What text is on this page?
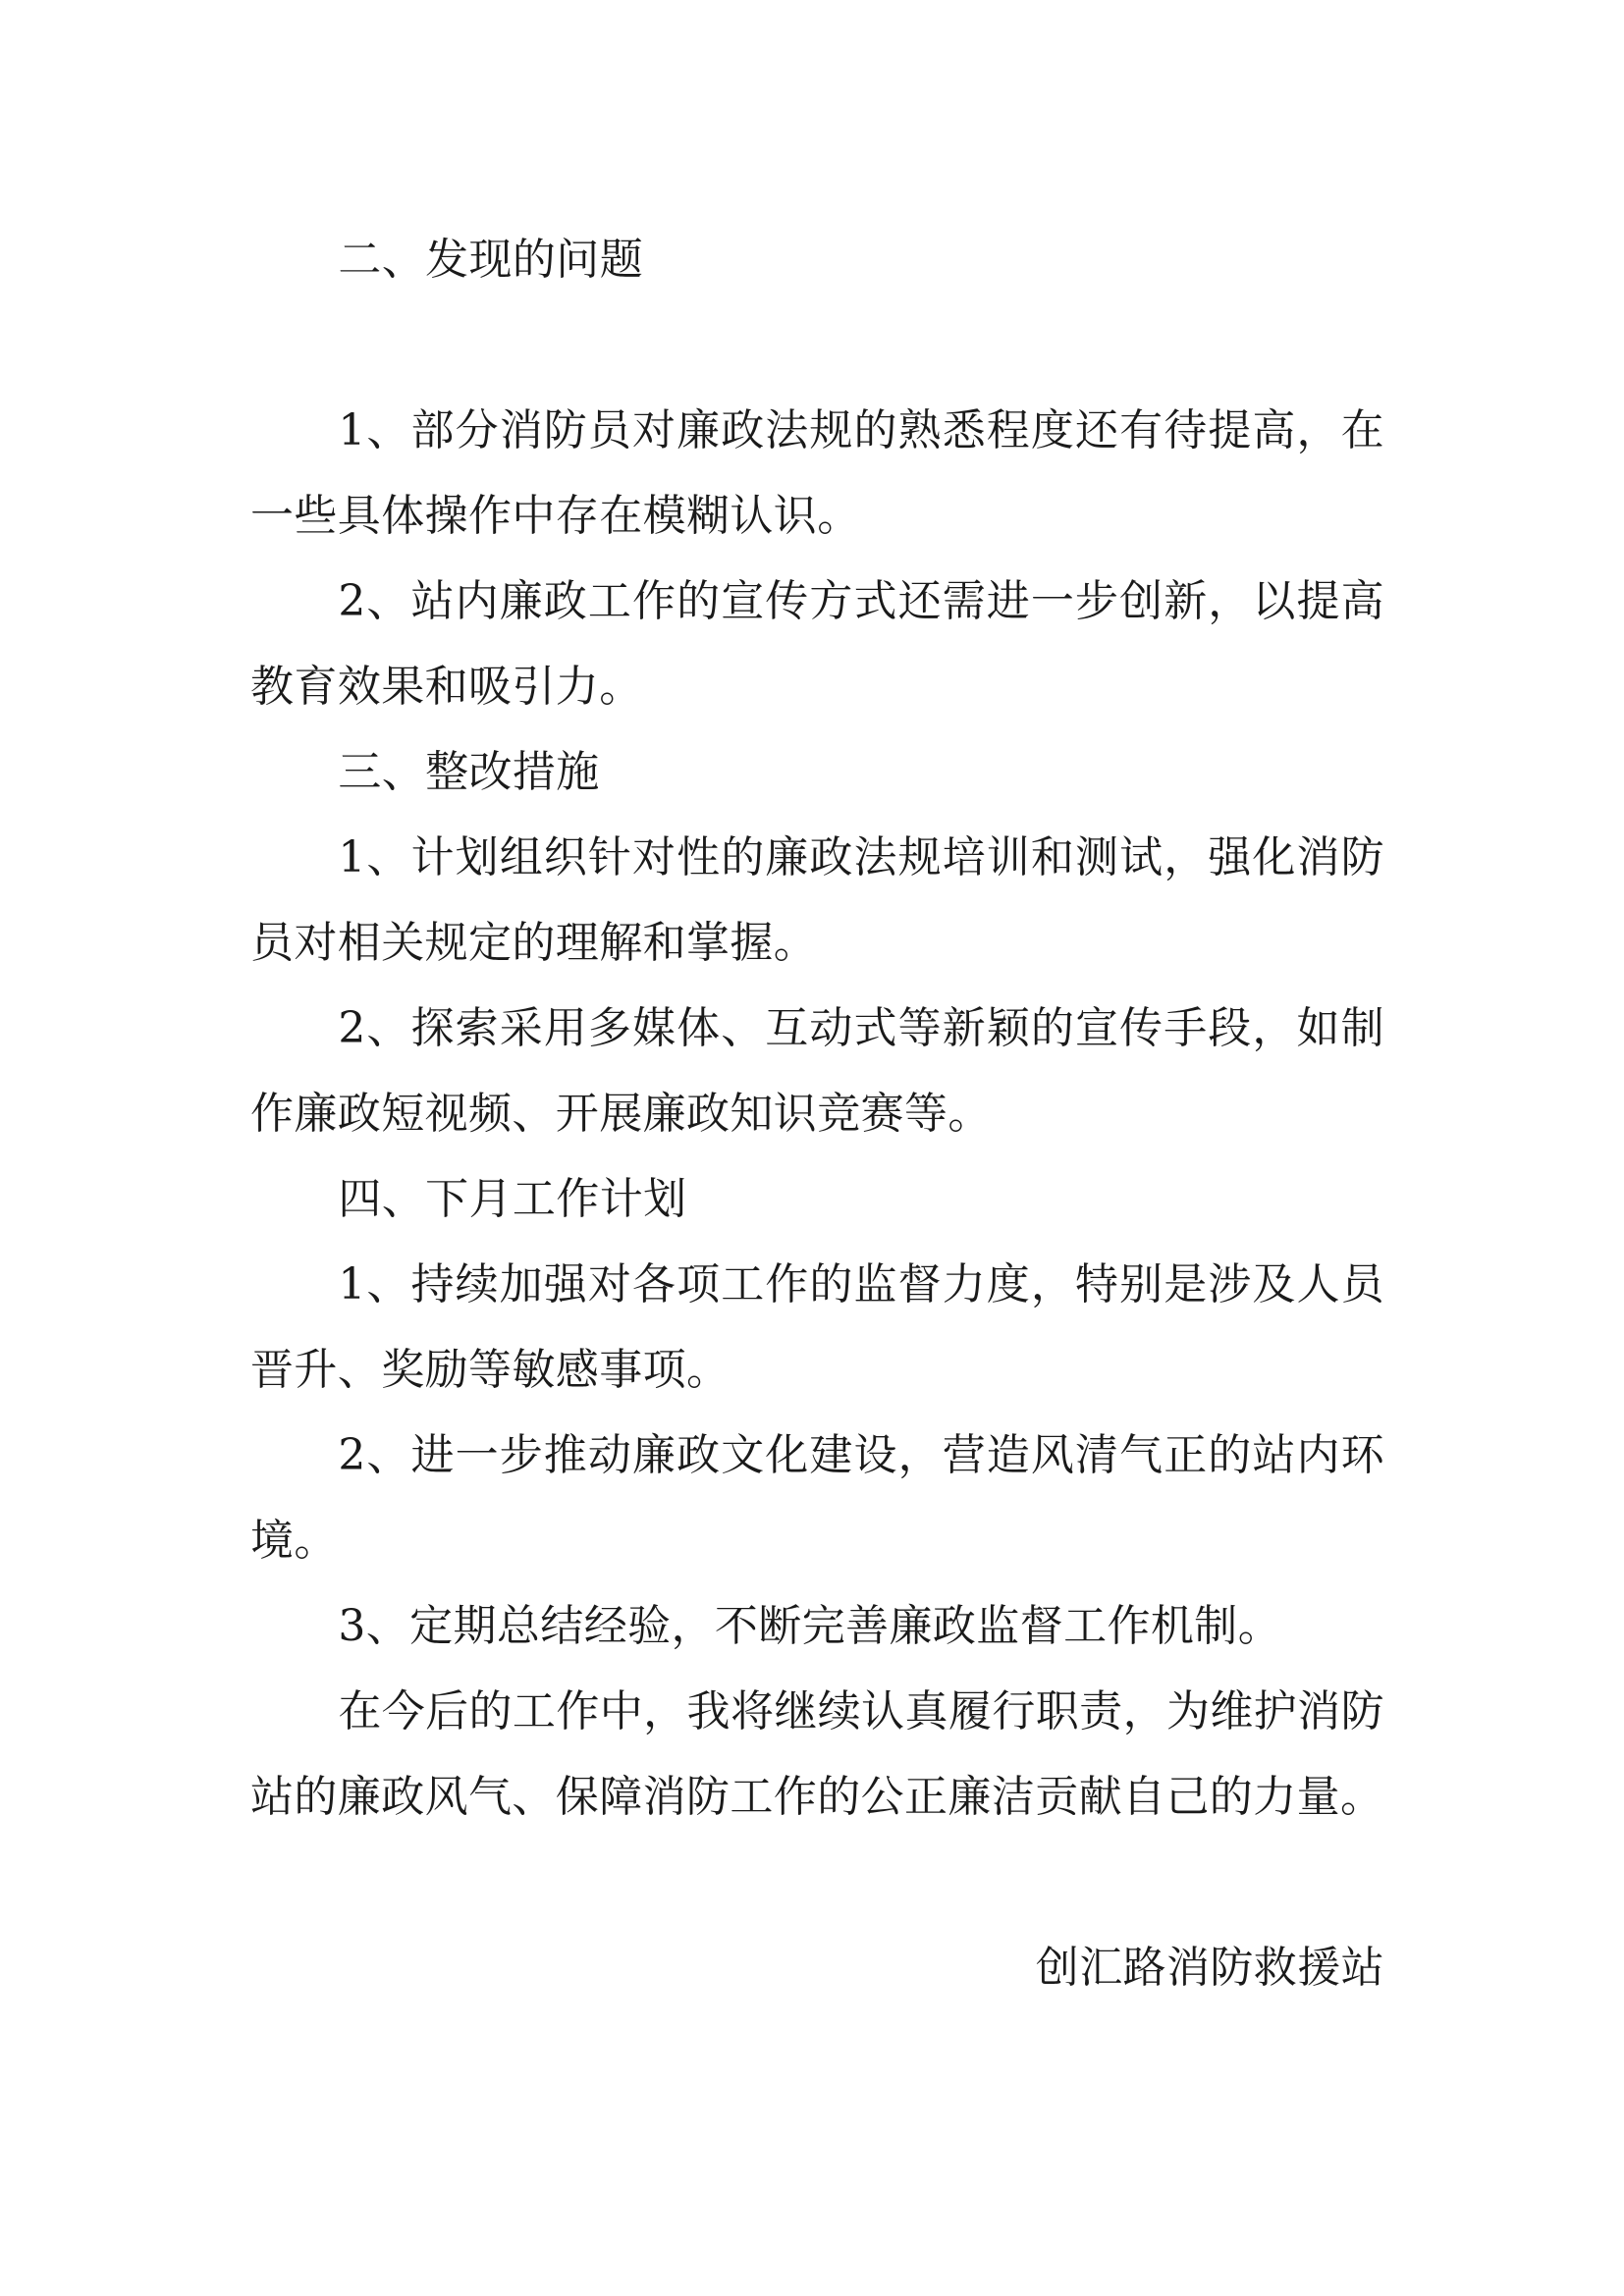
二、发现的问题

1、部分消防员对廉政法规的熟悉程度还有待提高，在一些具体操作中存在模糊认识。

2、站内廉政工作的宣传方式还需进一步创新，以提高教育效果和吸引力。

三、整改措施

1、计划组织针对性的廉政法规培训和测试，强化消防员对相关规定的理解和掌握。

2、探索采用多媒体、互动式等新颖的宣传手段，如制作廉政短视频、开展廉政知识竞赛等。

四、下月工作计划

1、持续加强对各项工作的监督力度，特别是涉及人员晋升、奖励等敏感事项。

2、进一步推动廉政文化建设，营造风清气正的站内环境。

3、定期总结经验，不断完善廉政监督工作机制。

在今后的工作中，我将继续认真履行职责，为维护消防站的廉政风气、保障消防工作的公正廉洁贡献自己的力量。

创汇路消防救援站
